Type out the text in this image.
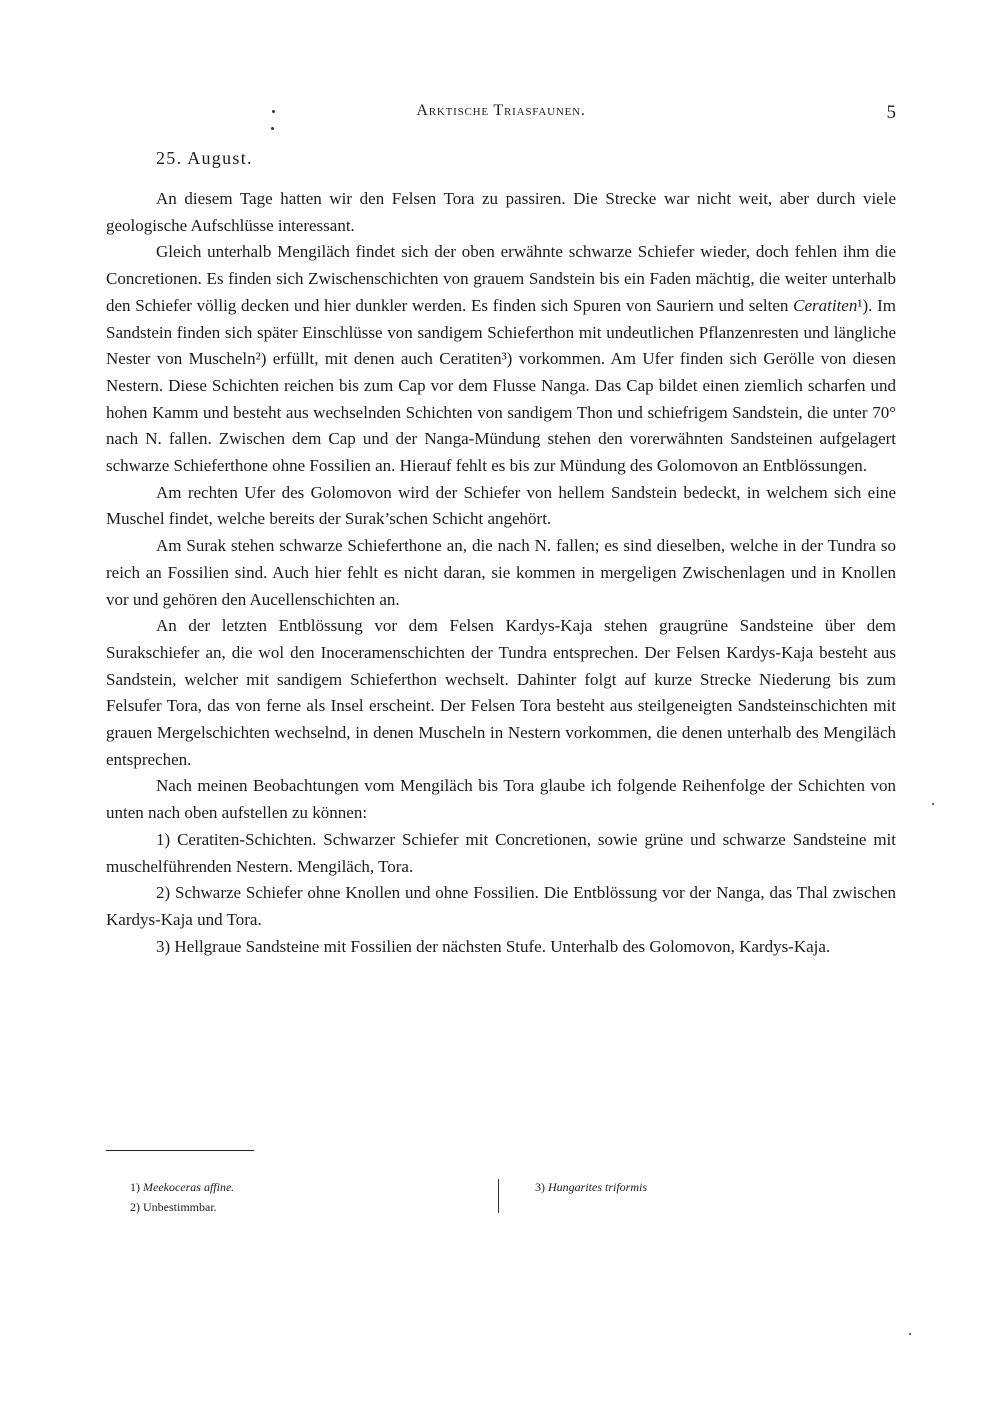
Arktische Triasfaunen.	5
25. August.

An diesem Tage hatten wir den Felsen Tora zu passiren. Die Strecke war nicht weit, aber durch viele geologische Aufschlüsse interessant.

Gleich unterhalb Mengiläch findet sich der oben erwähnte schwarze Schiefer wieder, doch fehlen ihm die Concretionen. Es finden sich Zwischenschichten von grauem Sandstein bis ein Faden mächtig, die weiter unterhalb den Schiefer völlig decken und hier dunkler werden. Es finden sich Spuren von Sauriern und selten Ceratiten¹). Im Sandstein finden sich später Einschlüsse von sandigem Schieferthon mit undeutlichen Pflanzenresten und längliche Nester von Muscheln²) erfüllt, mit denen auch Ceratiten³) vorkommen. Am Ufer finden sich Gerölle von diesen Nestern. Diese Schichten reichen bis zum Cap vor dem Flusse Nanga. Das Cap bildet einen ziemlich scharfen und hohen Kamm und besteht aus wechselnden Schichten von sandigem Thon und schiefrigem Sandstein, die unter 70° nach N. fallen. Zwischen dem Cap und der Nanga-Mündung stehen den vorerwähnten Sandsteinen aufgelagert schwarze Schieferthone ohne Fossilien an. Hierauf fehlt es bis zur Mündung des Golomovon an Entblössungen.

Am rechten Ufer des Golomovon wird der Schiefer von hellem Sandstein bedeckt, in welchem sich eine Muschel findet, welche bereits der Surak’schen Schicht angehört.

Am Surak stehen schwarze Schieferthone an, die nach N. fallen; es sind dieselben, welche in der Tundra so reich an Fossilien sind. Auch hier fehlt es nicht daran, sie kommen in mergeligen Zwischenlagen und in Knollen vor und gehören den Aucellenschichten an.

An der letzten Entblössung vor dem Felsen Kardys-Kaja stehen graugrüne Sandsteine über dem Surakschiefer an, die wol den Inoceramenschichten der Tundra entsprechen. Der Felsen Kardys-Kaja besteht aus Sandstein, welcher mit sandigem Schieferthon wechselt. Dahinter folgt auf kurze Strecke Niederung bis zum Felsufer Tora, das von ferne als Insel erscheint. Der Felsen Tora besteht aus steilgeneigten Sandsteinschichten mit grauen Mergelschichten wechselnd, in denen Muscheln in Nestern vorkommen, die denen unterhalb des Mengiläch entsprechen.

Nach meinen Beobachtungen vom Mengiläch bis Tora glaube ich folgende Reihenfolge der Schichten von unten nach oben aufstellen zu können:

1) Ceratiten-Schichten. Schwarzer Schiefer mit Concretionen, sowie grüne und schwarze Sandsteine mit muschelführenden Nestern. Mengiläch, Tora.

2) Schwarze Schiefer ohne Knollen und ohne Fossilien. Die Entblössung vor der Nanga, das Thal zwischen Kardys-Kaja und Tora.

3) Hellgraue Sandsteine mit Fossilien der nächsten Stufe. Unterhalb des Golomovon, Kardys-Kaja.

1) Meekoceras affine.
2) Unbestimmbar.
3) Hungarites triformis
